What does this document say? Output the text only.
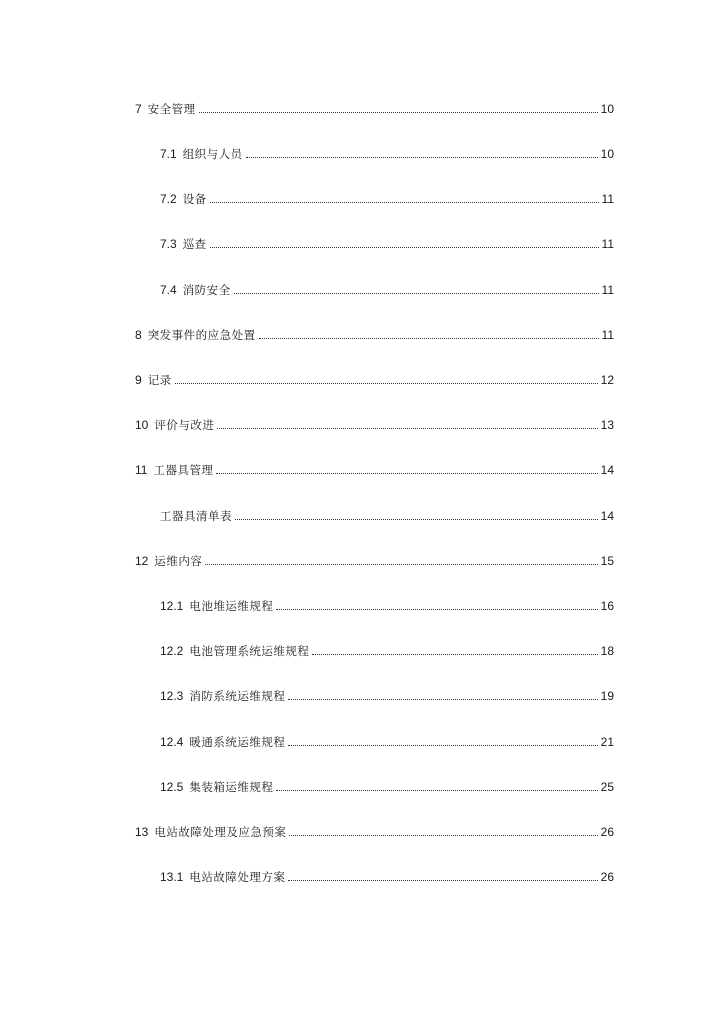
7 安全管理	10
7.1 组织与人员	10
7.2 设备	11
7.3 巡查	11
7.4 消防安全	11
8 突发事件的应急处置	11
9 记录	12
10 评价与改进	13
11 工器具管理	14
工器具清单表	14
12 运维内容	15
12.1 电池堆运维规程	16
12.2 电池管理系统运维规程	18
12.3 消防系统运维规程	19
12.4 暖通系统运维规程	21
12.5 集装箱运维规程	25
13 电站故障处理及应急预案	26
13.1 电站故障处理方案	26
